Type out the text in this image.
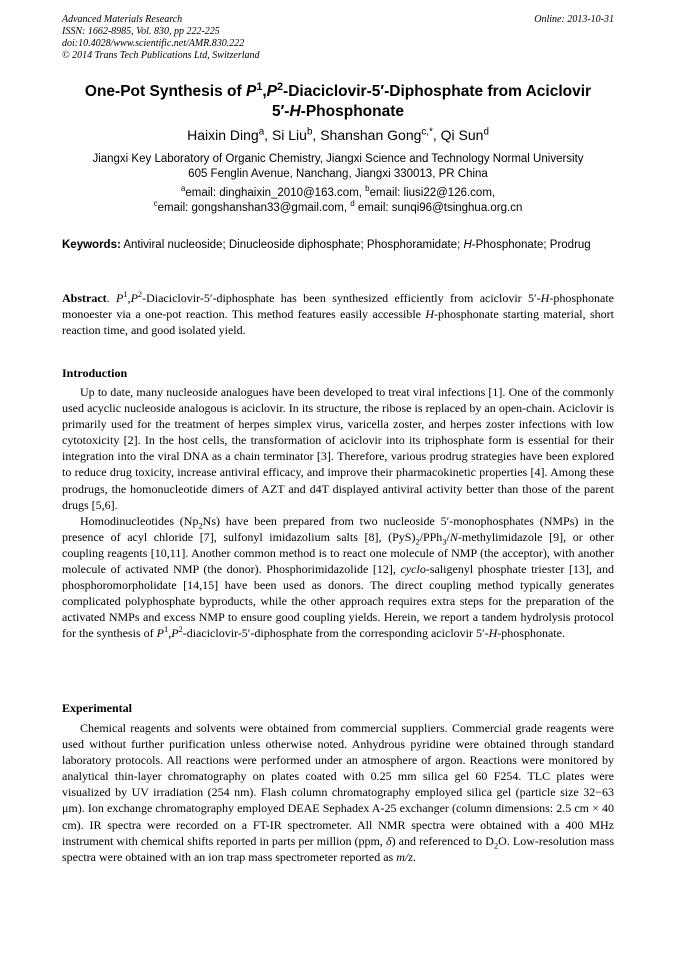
Advanced Materials Research
ISSN: 1662-8985, Vol. 830, pp 222-225
doi:10.4028/www.scientific.net/AMR.830.222
© 2014 Trans Tech Publications Ltd, Switzerland
Online: 2013-10-31
One-Pot Synthesis of $P^1,P^2-Diaciclovir-5'$-Diphosphate from Aciclovir
5′-H-Phosphonate
Haixin Ding$^a$, Si Liu$^b$, Shanshan Gong$^{c,*}$, Qi Sun$^d$
Jiangxi Key Laboratory of Organic Chemistry, Jiangxi Science and Technology Normal University
605 Fenglin Avenue, Nanchang, Jiangxi 330013, PR China
$^a$email: dinghaixin_2010@163.com, $^b$email: liusi22@126.com,
$^c$email: gongshanshan33@gmail.com, $^d$ email: sunqi96@tsinghua.org.cn
Keywords: Antiviral nucleoside; Dinucleoside diphosphate; Phosphoramidate; H-Phosphonate; Prodrug
Abstract. $P^1,P^2-Diaciclovir-5'$-diphosphate has been synthesized efficiently from aciclovir 5′-H-phosphonate monoester via a one-pot reaction. This method features easily accessible H-phosphonate starting material, short reaction time, and good isolated yield.
Introduction

Up to date, many nucleoside analogues have been developed to treat viral infections [1]. One of the commonly used acyclic nucleoside analogous is aciclovir. In its structure, the ribose is replaced by an open-chain. Aciclovir is primarily used for the treatment of herpes simplex virus, varicella zoster, and herpes zoster infections with low cytotoxicity [2]. In the host cells, the transformation of aciclovir into its triphosphate form is essential for their integration into the viral DNA as a chain terminator [3]. Therefore, various prodrug strategies have been explored to reduce drug toxicity, increase antiviral efficacy, and improve their pharmacokinetic properties [4]. Among these prodrugs, the homonucleotide dimers of AZT and d4T displayed antiviral activity better than those of the parent drugs [5,6].

Homodinucleotides $(Np_2Ns)$ have been prepared from two nucleoside 5′-monophosphates (NMPs) in the presence of acyl chloride [7], sulfonyl imidazolium salts [8], $(PyS)_2/PPh_3/N$-methylimidazole [9], or other coupling reagents [10,11]. Another common method is to react one molecule of NMP (the acceptor), with another molecule of activated NMP (the donor). Phosphorimidazolide [12], cyclo-saligenyl phosphate triester [13], and phosphoromorpholidate [14,15] have been used as donors. The direct coupling method typically generates complicated polyphosphate byproducts, while the other approach requires extra steps for the preparation of the activated NMPs and excess NMP to ensure good coupling yields. Herein, we report a tandem hydrolysis protocol for the synthesis of $P^1,P^2-diaciclovir-5'$-diphosphate from the corresponding aciclovir 5′-H-phosphonate.

Experimental

Chemical reagents and solvents were obtained from commercial suppliers. Commercial grade reagents were used without further purification unless otherwise noted. Anhydrous pyridine were obtained through standard laboratory protocols. All reactions were performed under an atmosphere of argon. Reactions were monitored by analytical thin-layer chromatography on plates coated with 0.25 mm silica gel 60 F254. TLC plates were visualized by UV irradiation (254 nm). Flash column chromatography employed silica gel (particle size 32−63 μm). Ion exchange chromatography employed DEAE Sephadex A-25 exchanger (column dimensions: 2.5 cm × 40 cm). IR spectra were recorded on a FT-IR spectrometer. All NMR spectra were obtained with a 400 MHz instrument with chemical shifts reported in parts per million (ppm, δ) and referenced to $D_2O$. Low-resolution mass spectra were obtained with an ion trap mass spectrometer reported as m/z.
